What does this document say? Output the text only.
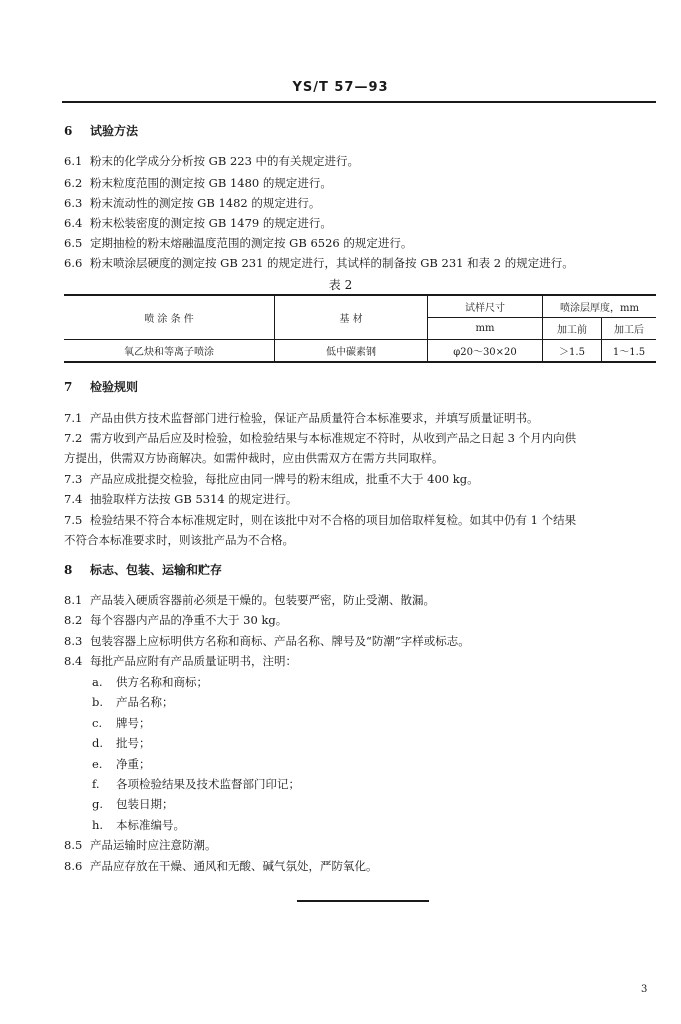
YS/T 57—93
6 试验方法
6.1 粉末的化学成分分析按 GB 223 中的有关规定进行。
6.2 粉末粒度范围的测定按 GB 1480 的规定进行。
6.3 粉末流动性的测定按 GB 1482 的规定进行。
6.4 粉末松装密度的测定按 GB 1479 的规定进行。
6.5 定期抽检的粉末熔融温度范围的测定按 GB 6526 的规定进行。
6.6 粉末喷涂层硬度的测定按 GB 231 的规定进行，其试样的制备按 GB 231 和表 2 的规定进行。
表 2
喷 涂 条 件	基 材	试样尺寸	喷涂层厚度，mm	
		mm	加工前	加工后
氧乙炔和等离子喷涂	低中碳素钢	φ20～30×20	＞1.5	1～1.5
7 检验规则
7.1 产品由供方技术监督部门进行检验，保证产品质量符合本标准要求，并填写质量证明书。
7.2 需方收到产品后应及时检验，如检验结果与本标准规定不符时，从收到产品之日起 3 个月内向供
方提出，供需双方协商解决。如需仲裁时，应由供需双方在需方共同取样。
7.3 产品应成批提交检验，每批应由同一牌号的粉末组成，批重不大于 400 kg。
7.4 抽验取样方法按 GB 5314 的规定进行。
7.5 检验结果不符合本标准规定时，则在该批中对不合格的项目加倍取样复检。如其中仍有 1 个结果
不符合本标准要求时，则该批产品为不合格。
8 标志、包装、运输和贮存
8.1 产品装入硬质容器前必须是干燥的。包装要严密，防止受潮、散漏。
8.2 每个容器内产品的净重不大于 30 kg。
8.3 包装容器上应标明供方名称和商标、产品名称、牌号及“防潮”字样或标志。
8.4 每批产品应附有产品质量证明书，注明：
a. 供方名称和商标；
b. 产品名称；
c. 牌号；
d. 批号；
e. 净重；
f. 各项检验结果及技术监督部门印记；
g. 包装日期；
h. 本标准编号。
8.5 产品运输时应注意防潮。
8.6 产品应存放在干燥、通风和无酸、碱气氛处，严防氧化。
3
